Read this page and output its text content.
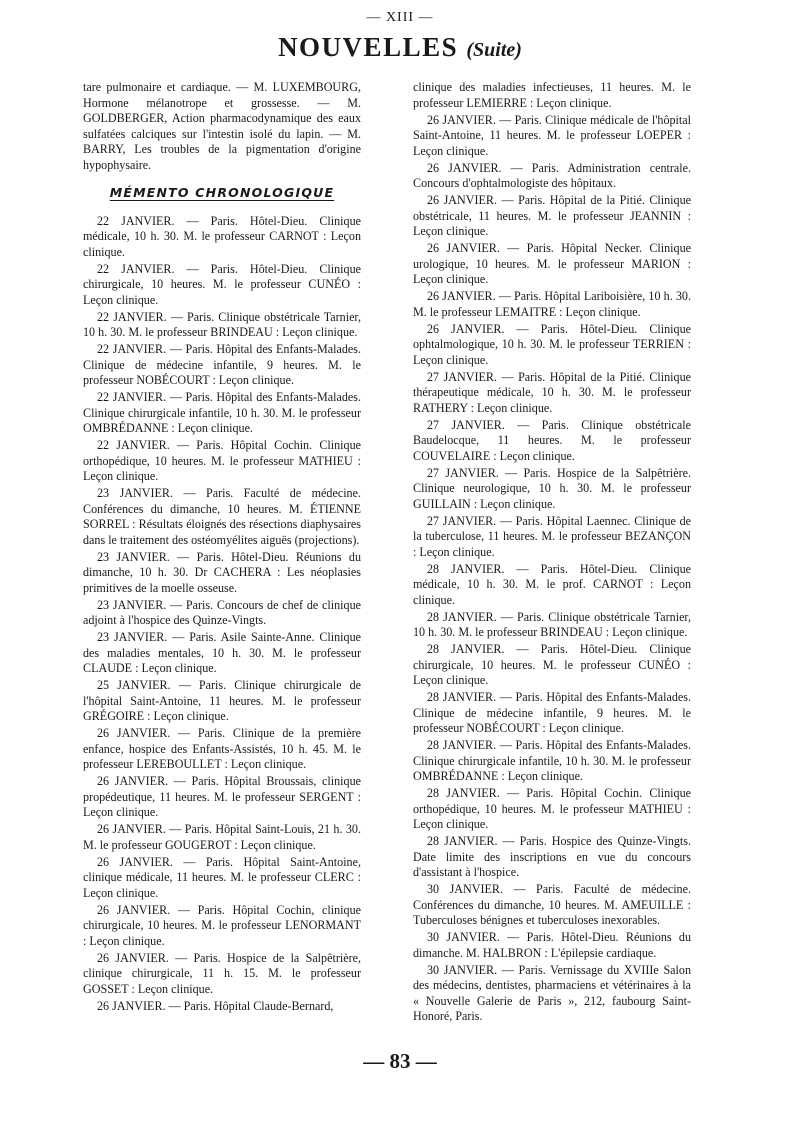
— XIII —
NOUVELLES (Suite)

tare pulmonaire et cardiaque. — M. LUXEMBOURG, Hormone mélanotrope et grossesse. — M. GOLDBERGER, Action pharmacodynamique des eaux sulfatées calciques sur l'intestin isolé du lapin. — M. BARRY, Les troubles de la pigmentation d'origine hypophysaire.

MÉMENTO CHRONOLOGIQUE

22 JANVIER. — Paris. Hôtel-Dieu. Clinique médicale, 10 h. 30. M. le professeur CARNOT : Leçon clinique.

22 JANVIER. — Paris. Hôtel-Dieu. Clinique chirurgicale, 10 heures. M. le professeur CUNÉO : Leçon clinique.

22 JANVIER. — Paris. Clinique obstétricale Tarnier, 10 h. 30. M. le professeur BRINDEAU : Leçon clinique.

22 JANVIER. — Paris. Hôpital des Enfants-Malades. Clinique de médecine infantile, 9 heures. M. le professeur NOBÉCOURT : Leçon clinique.

22 JANVIER. — Paris. Hôpital des Enfants-Malades. Clinique chirurgicale infantile, 10 h. 30. M. le professeur OMBRÉDANNE : Leçon clinique.

22 JANVIER. — Paris. Hôpital Cochin. Clinique orthopédique, 10 heures. M. le professeur MATHIEU : Leçon clinique.

23 JANVIER. — Paris. Faculté de médecine. Conférences du dimanche, 10 heures. M. ÉTIENNE SORREL : Résultats éloignés des résections diaphysaires dans le traitement des ostéomyélites aiguës (projections).

23 JANVIER. — Paris. Hôtel-Dieu. Réunions du dimanche, 10 h. 30. Dr CACHERA : Les néoplasies primitives de la moelle osseuse.

23 JANVIER. — Paris. Concours de chef de clinique adjoint à l'hospice des Quinze-Vingts.

23 JANVIER. — Paris. Asile Sainte-Anne. Clinique des maladies mentales, 10 h. 30. M. le professeur CLAUDE : Leçon clinique.

25 JANVIER. — Paris. Clinique chirurgicale de l'hôpital Saint-Antoine, 11 heures. M. le professeur GRÉGOIRE : Leçon clinique.

26 JANVIER. — Paris. Clinique de la première enfance, hospice des Enfants-Assistés, 10 h. 45. M. le professeur LEREBOULLET : Leçon clinique.

26 JANVIER. — Paris. Hôpital Broussais, clinique propédeutique, 11 heures. M. le professeur SERGENT : Leçon clinique.

26 JANVIER. — Paris. Hôpital Saint-Louis, 21 h. 30. M. le professeur GOUGEROT : Leçon clinique.

26 JANVIER. — Paris. Hôpital Saint-Antoine, clinique médicale, 11 heures. M. le professeur CLERC : Leçon clinique.

26 JANVIER. — Paris. Hôpital Cochin, clinique chirurgicale, 10 heures. M. le professeur LENORMANT : Leçon clinique.

26 JANVIER. — Paris. Hospice de la Salpêtrière, clinique chirurgicale, 11 h. 15. M. le professeur GOSSET : Leçon clinique.

26 JANVIER. — Paris. Hôpital Claude-Bernard,

clinique des maladies infectieuses, 11 heures. M. le professeur LEMIERRE : Leçon clinique.

26 JANVIER. — Paris. Clinique médicale de l'hôpital Saint-Antoine, 11 heures. M. le professeur LOEPER : Leçon clinique.

26 JANVIER. — Paris. Administration centrale. Concours d'ophtalmologiste des hôpitaux.

26 JANVIER. — Paris. Hôpital de la Pitié. Clinique obstétricale, 11 heures. M. le professeur JEANNIN : Leçon clinique.

26 JANVIER. — Paris. Hôpital Necker. Clinique urologique, 10 heures. M. le professeur MARION : Leçon clinique.

26 JANVIER. — Paris. Hôpital Lariboisière, 10 h. 30. M. le professeur LEMAITRE : Leçon clinique.

26 JANVIER. — Paris. Hôtel-Dieu. Clinique ophtalmologique, 10 h. 30. M. le professeur TERRIEN : Leçon clinique.

27 JANVIER. — Paris. Hôpital de la Pitié. Clinique thérapeutique médicale, 10 h. 30. M. le professeur RATHERY : Leçon clinique.

27 JANVIER. — Paris. Clinique obstétricale Baudelocque, 11 heures. M. le professeur COUVELAIRE : Leçon clinique.

27 JANVIER. — Paris. Hospice de la Salpêtrière. Clinique neurologique, 10 h. 30. M. le professeur GUILLAIN : Leçon clinique.

27 JANVIER. — Paris. Hôpital Laennec. Clinique de la tuberculose, 11 heures. M. le professeur BEZANÇON : Leçon clinique.

28 JANVIER. — Paris. Hôtel-Dieu. Clinique médicale, 10 h. 30. M. le prof. CARNOT : Leçon clinique.

28 JANVIER. — Paris. Clinique obstétricale Tarnier, 10 h. 30. M. le professeur BRINDEAU : Leçon clinique.

28 JANVIER. — Paris. Hôtel-Dieu. Clinique chirurgicale, 10 heures. M. le professeur CUNÉO : Leçon clinique.

28 JANVIER. — Paris. Hôpital des Enfants-Malades. Clinique de médecine infantile, 9 heures. M. le professeur NOBÉCOURT : Leçon clinique.

28 JANVIER. — Paris. Hôpital des Enfants-Malades. Clinique chirurgicale infantile, 10 h. 30. M. le professeur OMBRÉDANNE : Leçon clinique.

28 JANVIER. — Paris. Hôpital Cochin. Clinique orthopédique, 10 heures. M. le professeur MATHIEU : Leçon clinique.

28 JANVIER. — Paris. Hospice des Quinze-Vingts. Date limite des inscriptions en vue du concours d'assistant à l'hospice.

30 JANVIER. — Paris. Faculté de médecine. Conférences du dimanche, 10 heures. M. AMEUILLE : Tuberculoses bénignes et tuberculoses inexorables.

30 JANVIER. — Paris. Hôtel-Dieu. Réunions du dimanche. M. HALBRON : L'épilepsie cardiaque.

30 JANVIER. — Paris. Vernissage du XVIIIe Salon des médecins, dentistes, pharmaciens et vétérinaires à la « Nouvelle Galerie de Paris », 212, faubourg Saint-Honoré, Paris.

— 83 —
